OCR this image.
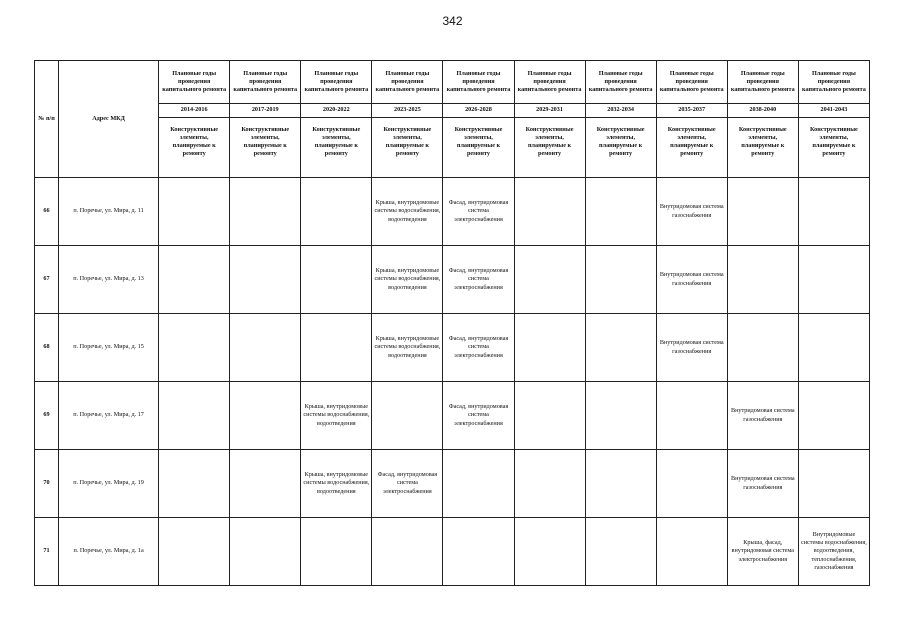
342
№ п/п	Адрес МКД	Плановые годы проведения капитального ремонта	Плановые годы проведения капитального ремонта	Плановые годы проведения капитального ремонта	Плановые годы проведения капитального ремонта	Плановые годы проведения капитального ремонта	Плановые годы проведения капитального ремонта	Плановые годы проведения капитального ремонта	Плановые годы проведения капитального ремонта	Плановые годы проведения капитального ремонта	Плановые годы проведения капитального ремонта
		2014-2016	2017-2019	2020-2022	2023-2025	2026-2028	2029-2031	2032-2034	2035-2037	2038-2040	2041-2043
		Конструктивные элементы, планируемые к ремонту	Конструктивные элементы, планируемые к ремонту	Конструктивные элементы, планируемые к ремонту	Конструктивные элементы, планируемые к ремонту	Конструктивные элементы, планируемые к ремонту	Конструктивные элементы, планируемые к ремонту	Конструктивные элементы, планируемые к ремонту	Конструктивные элементы, планируемые к ремонту	Конструктивные элементы, планируемые к ремонту	Конструктивные элементы, планируемые к ремонту
66	п. Поречье, ул. Мира, д. 11				Крыша, внутридомовые системы водоснабжения, водоотведения	Фасад, внутридомовая система электроснабжения			Внутридомовая система газоснабжения		
67	п. Поречье, ул. Мира, д. 13				Крыша, внутридомовые системы водоснабжения, водоотведения	Фасад, внутридомовая система электроснабжения			Внутридомовая система газоснабжения		
68	п. Поречье, ул. Мира, д. 15				Крыша, внутридомовые системы водоснабжения, водоотведения	Фасад, внутридомовая система электроснабжения			Внутридомовая система газоснабжения		
69	п. Поречье, ул. Мира, д. 17			Крыша, внутридомовые системы водоснабжения, водоотведения		Фасад, внутридомовая система электроснабжения				Внутридомовая система газоснабжения	
70	п. Поречье, ул. Мира, д. 19			Крыша, внутридомовые системы водоснабжения, водоотведения	Фасад, внутридомовая система электроснабжения					Внутридомовая система газоснабжения	
71	п. Поречье, ул. Мира, д. 1а									Крыша, фасад, внутридомовая система электроснабжения	Внутридомовые системы водоснабжения, водоотведения, теплоснабжения, газоснабжения
